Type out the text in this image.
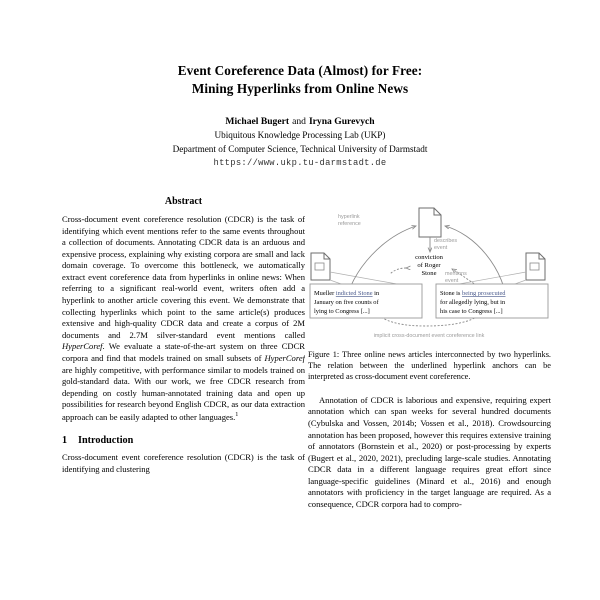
Event Coreference Data (Almost) for Free:
Mining Hyperlinks from Online News
Michael Bugert and Iryna Gurevych
Ubiquitous Knowledge Processing Lab (UKP)
Department of Computer Science, Technical University of Darmstadt
https://www.ukp.tu-darmstadt.de
Abstract

Cross-document event coreference resolution (CDCR) is the task of identifying which event mentions refer to the same events throughout a collection of documents. Annotating CDCR data is an arduous and expensive process, explaining why existing corpora are small and lack domain coverage. To overcome this bottleneck, we automatically extract event coreference data from hyperlinks in online news: When referring to a significant real-world event, writers often add a hyperlink to another article covering this event. We demonstrate that collecting hyperlinks which point to the same article(s) produces extensive and high-quality CDCR data and create a corpus of 2M documents and 2.7M silver-standard event mentions called HyperCoref. We evaluate a state-of-the-art system on three CDCR corpora and find that models trained on small subsets of HyperCoref are highly competitive, with performance similar to models trained on gold-standard data. With our work, we free CDCR research from depending on costly human-annotated training data and open up possibilities for research beyond English CDCR, as our data extraction approach can be easily adapted to other languages.$^1$

1 Introduction

Cross-document event coreference resolution (CDCR) is the task of identifying and clustering

hyperlink
reference
describes
event
mentions
event
conviction
of Roger
Stone
Mueller indicted Stone in
January on five counts of
lying to Congress [...]
Stone is being prosecuted
for allegedly lying, but in
his case to Congress [...]
implicit cross-document event coreference link

Figure 1: Three online news articles interconnected by two hyperlinks. The relation between the underlined hyperlink anchors can be interpreted as cross-document event coreference.

Annotation of CDCR is laborious and expensive, requiring expert annotation which can span weeks for several hundred documents (Cybulska and Vossen, 2014b; Vossen et al., 2018). Crowdsourcing annotation has been proposed, however this requires extensive training of annotators (Bornstein et al., 2020) or post-processing by experts (Bugert et al., 2020, 2021), precluding large-scale studies. Annotating CDCR data in a different language requires great effort since language-specific guidelines (Minard et al., 2016) and enough annotators with proficiency in the target language are required. As a consequence, CDCR corpora had to compro-
